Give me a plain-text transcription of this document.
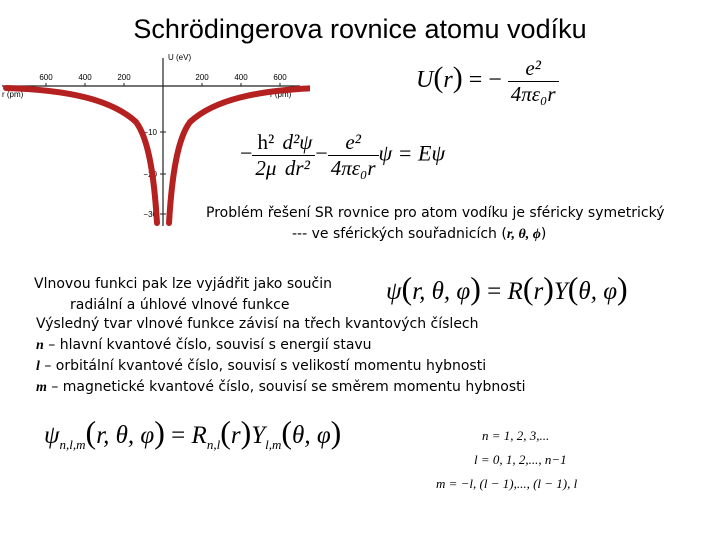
Schrödingerova rovnice atomu vodíku
U (eV)
r (pm)	r (pm)
600	400	200	200	400	600
−10
−20
−30
U(r) = − $\frac{\text{e²}}{\text{4πε₀r}}$
− $\frac{\text{h²}}{2\mu} \frac{\text{d²ψ}}{\text{dr²}} - \frac{\text{e²}}{\text{4πε₀r}}$ ψ = Eψ
Problém řešení SR rovnice pro atom vodíku je sféricky symetrický
--- ve sférických souřadnicích (r, θ, ϕ)
Vlnovou funkci pak lze vyjádřit jako součin
radiální a úhlové vlnové funkce	ψ(r, θ, φ) = R(r)Y(θ, φ)
Výsledný tvar vlnové funkce závisí na třech kvantových číslech
n – hlavní kvantové číslo, souvisí s energií stavu
l – orbitální kvantové číslo, souvisí s velikostí momentu hybnosti
m – magnetické kvantové číslo, souvisí se směrem momentu hybnosti
$\psi_{n,l,m}(r$, θ, $\varphi) = R_{n,l}(r)Y_{l,m}(\theta$, φ)	n = 1, 2, 3,...
l = 0, 1, 2,..., n−1
m = −l, (l − 1),..., (l − 1), l
